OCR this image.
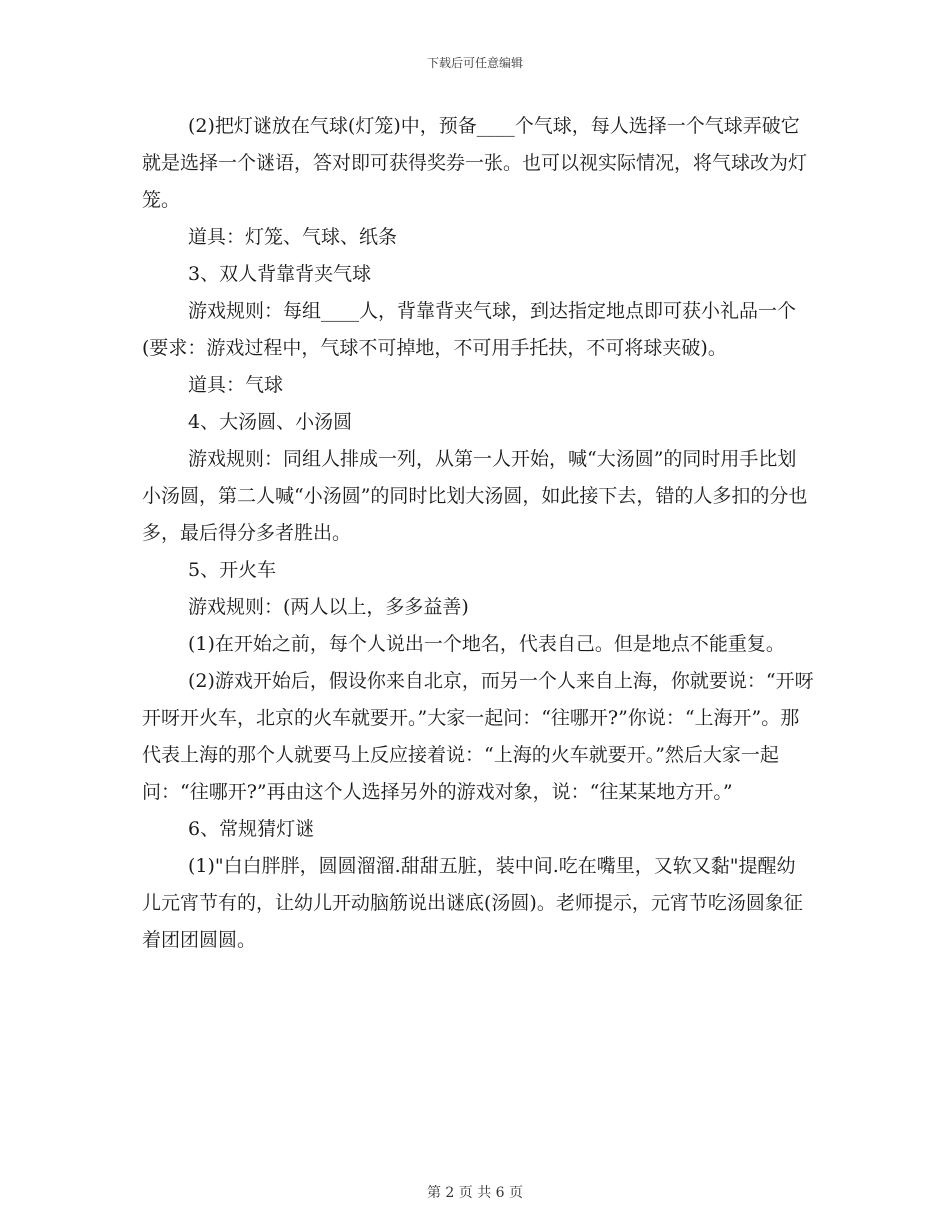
下载后可任意编辑

(2)把灯谜放在气球(灯笼)中，预备____个气球，每人选择一个气球弄破它就是选择一个谜语，答对即可获得奖券一张。也可以视实际情况，将气球改为灯笼。

道具：灯笼、气球、纸条

3、双人背靠背夹气球

游戏规则：每组____人，背靠背夹气球，到达指定地点即可获小礼品一个(要求：游戏过程中，气球不可掉地，不可用手托扶，不可将球夹破)。

道具：气球

4、大汤圆、小汤圆

游戏规则：同组人排成一列，从第一人开始，喊“大汤圆”的同时用手比划小汤圆，第二人喊“小汤圆”的同时比划大汤圆，如此接下去，错的人多扣的分也多，最后得分多者胜出。

5、开火车

游戏规则：(两人以上，多多益善)

(1)在开始之前，每个人说出一个地名，代表自己。但是地点不能重复。

(2)游戏开始后，假设你来自北京，而另一个人来自上海，你就要说：“开呀开呀开火车，北京的火车就要开。”大家一起问：“往哪开?”你说：“上海开”。那代表上海的那个人就要马上反应接着说：“上海的火车就要开。”然后大家一起问：“往哪开?”再由这个人选择另外的游戏对象，说：“往某某地方开。”

6、常规猜灯谜

(1)"白白胖胖，圆圆溜溜.甜甜五脏，装中间.吃在嘴里，又软又黏"提醒幼儿元宵节有的，让幼儿开动脑筋说出谜底(汤圆)。老师提示，元宵节吃汤圆象征着团团圆圆。

第 2 页 共 6 页
